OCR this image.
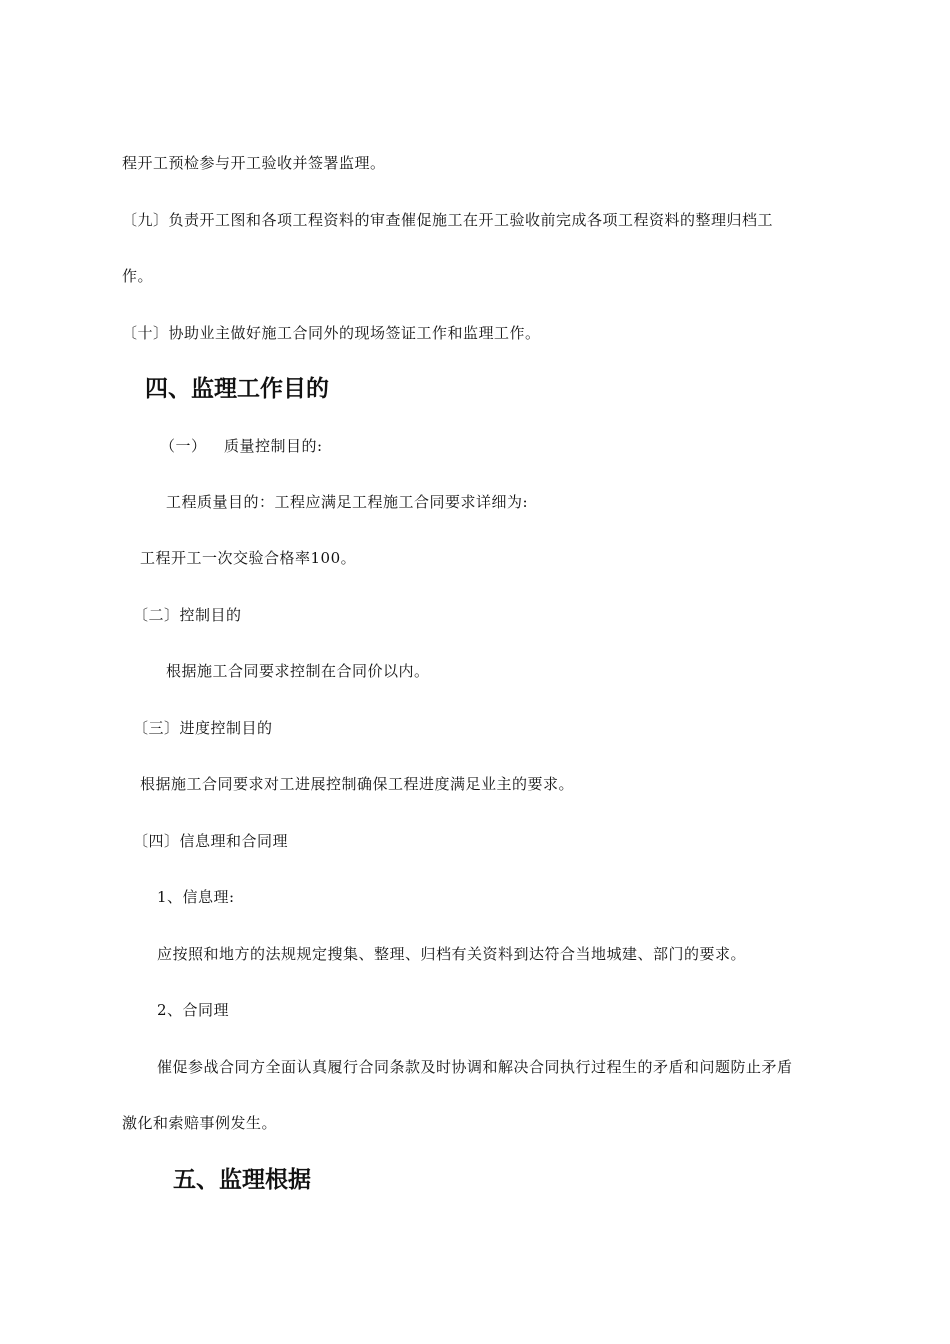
程开工预检参与开工验收并签署监理。
〔九〕负责开工图和各项工程资料的审查催促施工在开工验收前完成各项工程资料的整理归档工
作。
〔十〕协助业主做好施工合同外的现场签证工作和监理工作。
四、监理工作目的
（一） 质量控制目的:
工程质量目的：工程应满足工程施工合同要求详细为:
工程开工一次交验合格率100。
〔二〕控制目的
根据施工合同要求控制在合同价以内。
〔三〕进度控制目的
根据施工合同要求对工进展控制确保工程进度满足业主的要求。
〔四〕信息理和合同理
1、信息理:
应按照和地方的法规规定搜集、整理、归档有关资料到达符合当地城建、部门的要求。
2、合同理
催促参战合同方全面认真履行合同条款及时协调和解决合同执行过程生的矛盾和问题防止矛盾
激化和索赔事例发生。
五、监理根据
